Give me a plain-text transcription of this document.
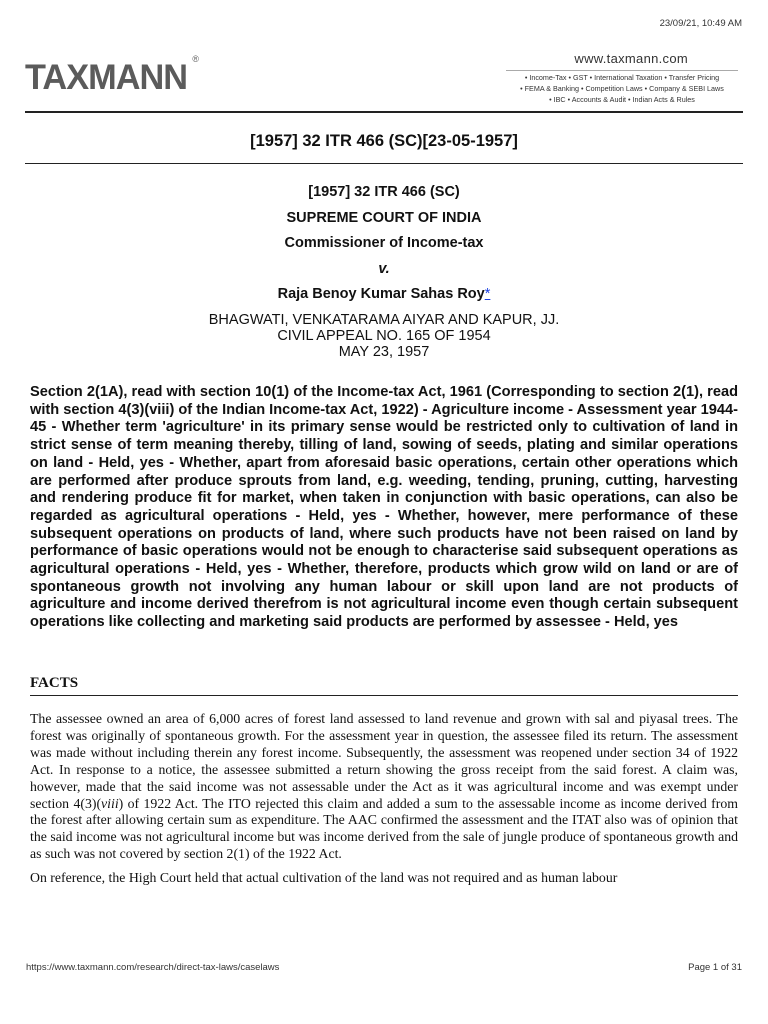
23/09/21, 10:49 AM
TAXMANN ®	www.taxmann.com
• Income-Tax • GST • International Taxation • Transfer Pricing
• FEMA & Banking • Competition Laws • Company & SEBI Laws
• IBC • Accounts & Audit • Indian Acts & Rules
[1957] 32 ITR 466 (SC)[23-05-1957]
[1957] 32 ITR 466 (SC)
SUPREME COURT OF INDIA
Commissioner of Income-tax
v.
Raja Benoy Kumar Sahas Roy*
BHAGWATI, VENKATARAMA AIYAR AND KAPUR, JJ.
CIVIL APPEAL NO. 165 OF 1954
MAY 23, 1957
Section 2(1A), read with section 10(1) of the Income-tax Act, 1961 (Corresponding to section 2(1), read with section 4(3)(viii) of the Indian Income-tax Act, 1922) - Agriculture income - Assessment year 1944-45 - Whether term 'agriculture' in its primary sense would be restricted only to cultivation of land in strict sense of term meaning thereby, tilling of land, sowing of seeds, plating and similar operations on land - Held, yes - Whether, apart from aforesaid basic operations, certain other operations which are performed after produce sprouts from land, e.g. weeding, tending, pruning, cutting, harvesting and rendering produce fit for market, when taken in conjunction with basic operations, can also be regarded as agricultural operations - Held, yes - Whether, however, mere performance of these subsequent operations on products of land, where such products have not been raised on land by performance of basic operations would not be enough to characterise said subsequent operations as agricultural operations - Held, yes - Whether, therefore, products which grow wild on land or are of spontaneous growth not involving any human labour or skill upon land are not products of agriculture and income derived therefrom is not agricultural income even though certain subsequent operations like collecting and marketing said products are performed by assessee - Held, yes
FACTS

The assessee owned an area of 6,000 acres of forest land assessed to land revenue and grown with sal and piyasal trees. The forest was originally of spontaneous growth. For the assessment year in question, the assessee filed its return. The assessment was made without including therein any forest income. Subsequently, the assessment was reopened under section 34 of 1922 Act. In response to a notice, the assessee submitted a return showing the gross receipt from the said forest. A claim was, however, made that the said income was not assessable under the Act as it was agricultural income and was exempt under section 4(3)(viii) of 1922 Act. The ITO rejected this claim and added a sum to the assessable income as income derived from the forest after allowing certain sum as expenditure. The AAC confirmed the assessment and the ITAT also was of opinion that the said income was not agricultural income but was income derived from the sale of jungle produce of spontaneous growth and as such was not covered by section 2(1) of the 1922 Act.

On reference, the High Court held that actual cultivation of the land was not required and as human labour

https://www.taxmann.com/research/direct-tax-laws/caselaws	Page 1 of 31
